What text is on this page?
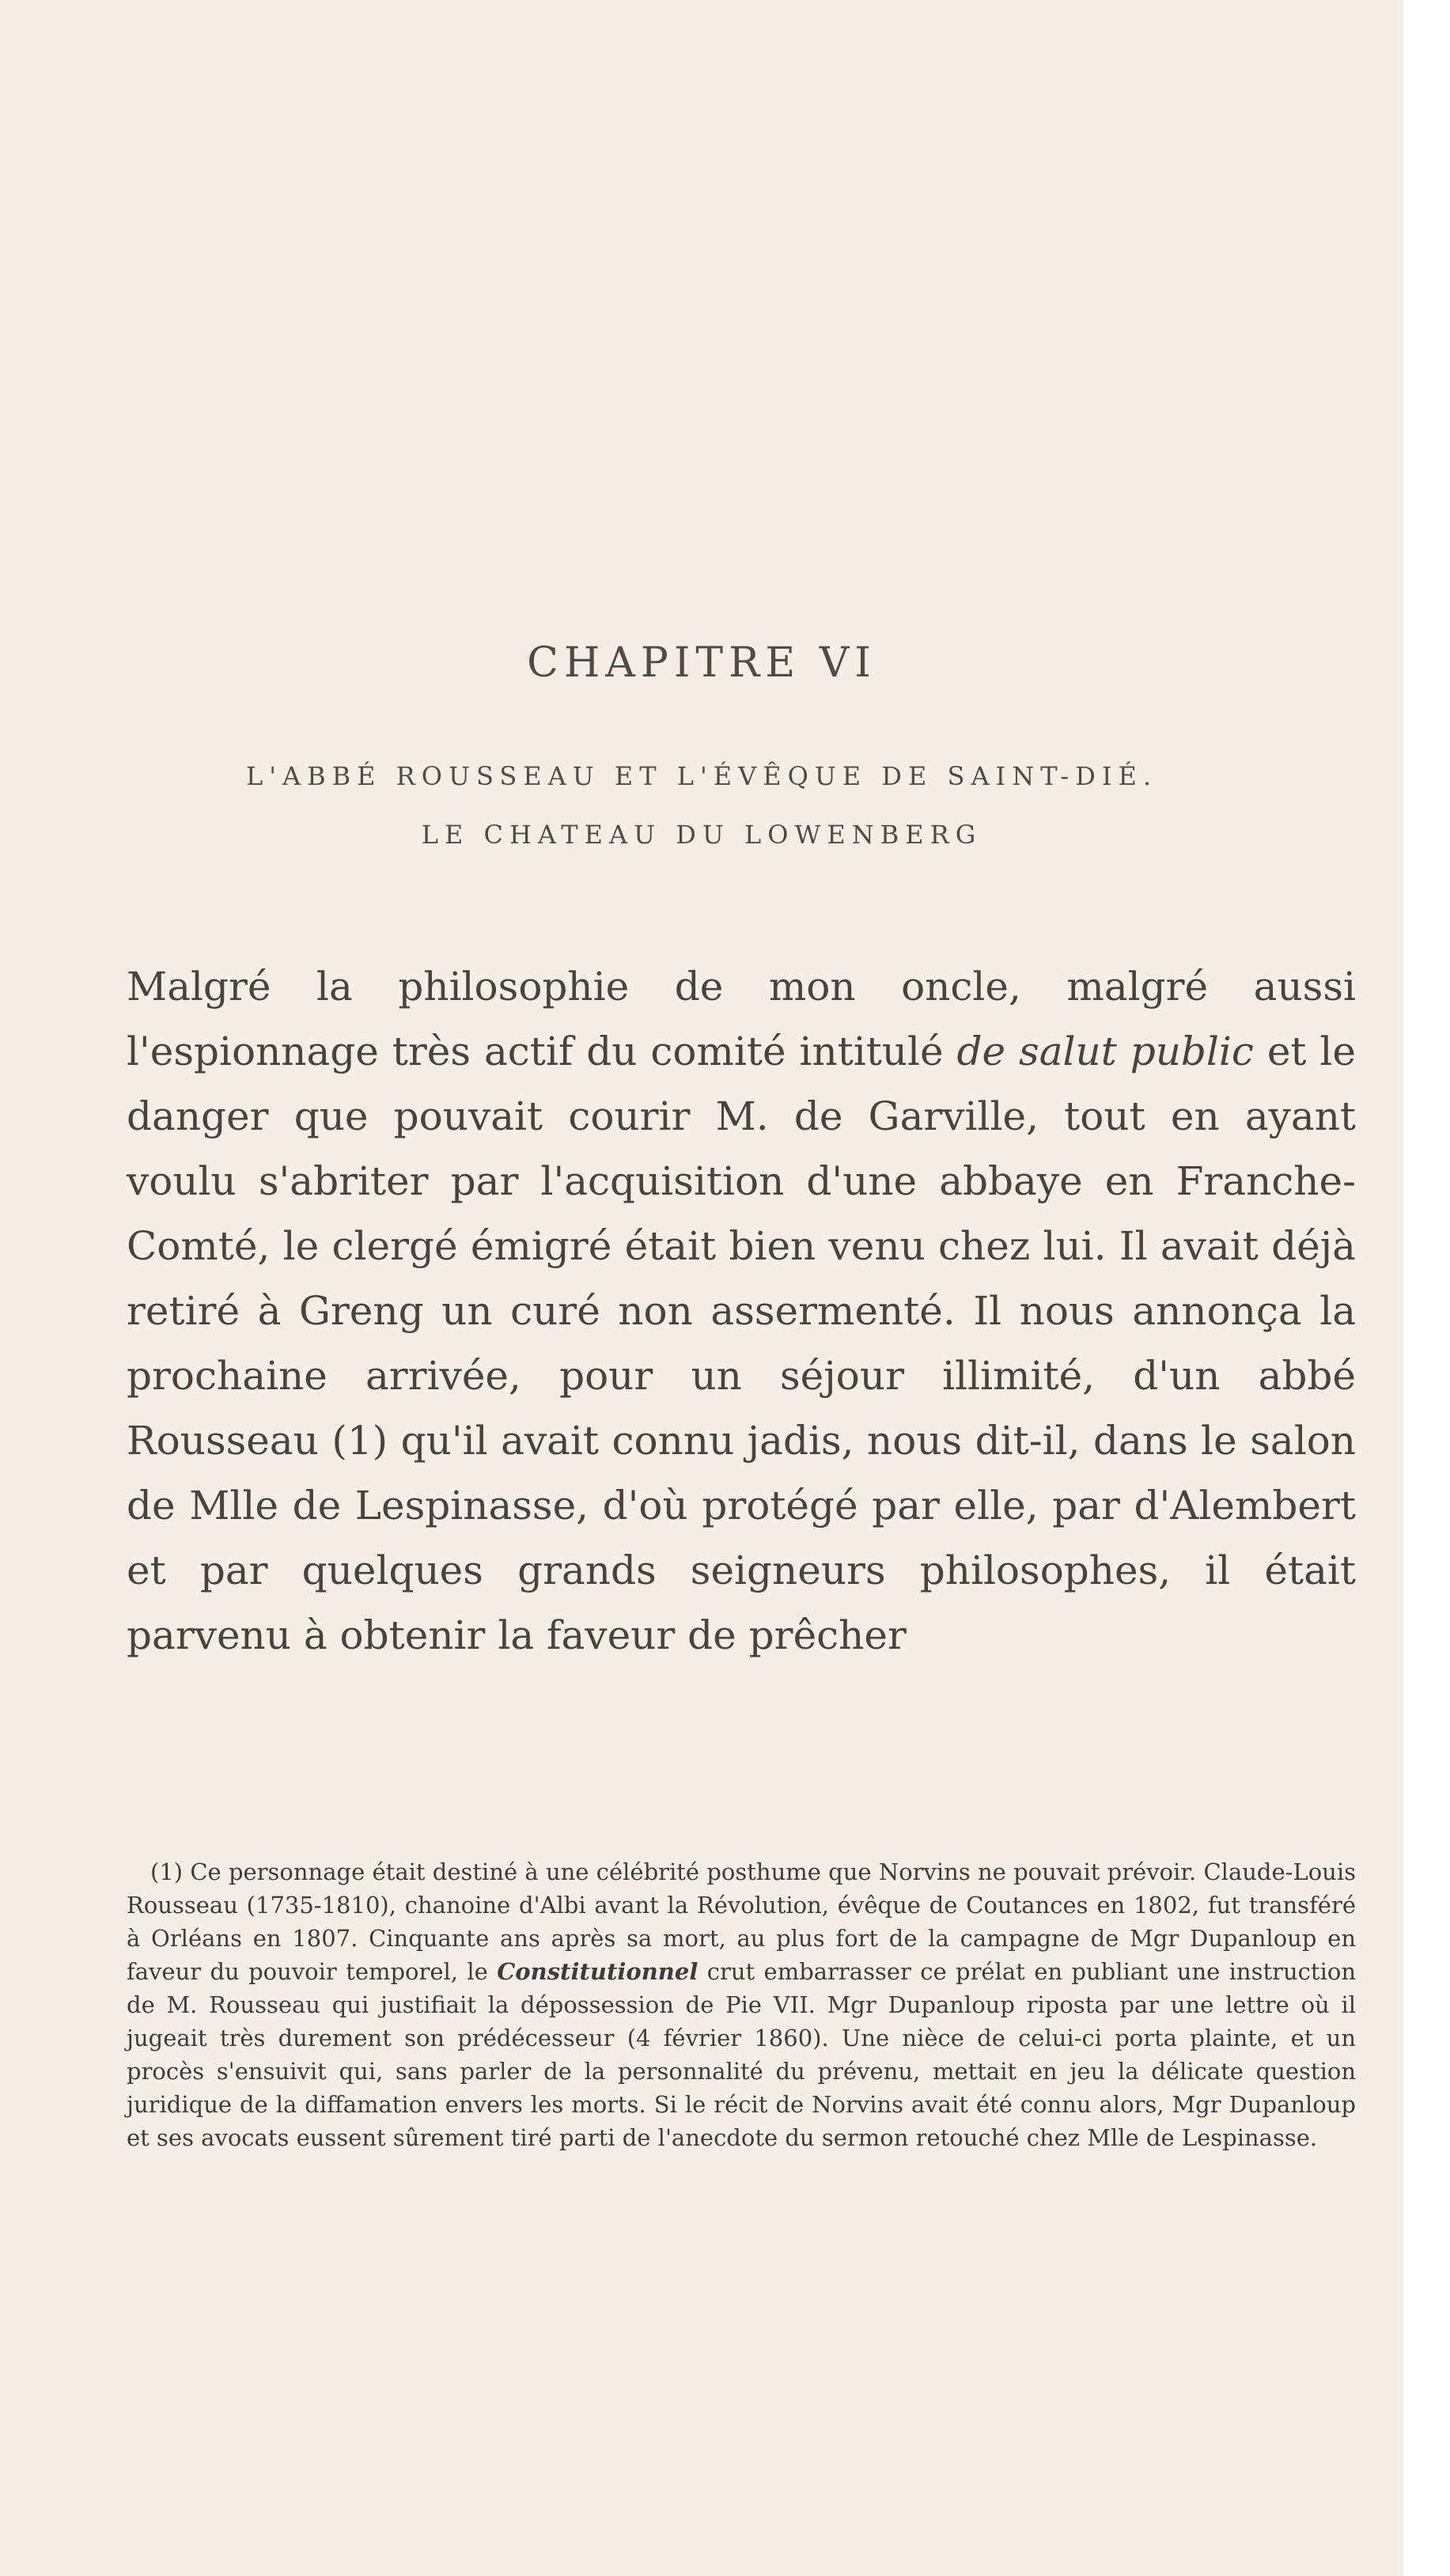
CHAPITRE VI

L'ABBÉ ROUSSEAU ET L'ÉVÊQUE DE SAINT-DIÉ.

LE CHATEAU DU LOWENBERG

Malgré la philosophie de mon oncle, malgré aussi l'espionnage très actif du comité intitulé de salut public et le danger que pouvait courir M. de Garville, tout en ayant voulu s'abriter par l'acquisition d'une abbaye en Franche-Comté, le clergé émigré était bien venu chez lui. Il avait déjà retiré à Greng un curé non assermenté. Il nous annonça la prochaine arrivée, pour un séjour illimité, d'un abbé Rousseau (1) qu'il avait connu jadis, nous dit-il, dans le salon de Mlle de Lespinasse, d'où protégé par elle, par d'Alembert et par quelques grands seigneurs philosophes, il était parvenu à obtenir la faveur de prêcher

(1) Ce personnage était destiné à une célébrité posthume que Norvins ne pouvait prévoir. Claude-Louis Rousseau (1735-1810), chanoine d'Albi avant la Révolution, évêque de Coutances en 1802, fut transféré à Orléans en 1807. Cinquante ans après sa mort, au plus fort de la campagne de Mgr Dupanloup en faveur du pouvoir temporel, le Constitutionnel crut embarrasser ce prélat en publiant une instruction de M. Rousseau qui justifiait la dépossession de Pie VII. Mgr Dupanloup riposta par une lettre où il jugeait très durement son prédécesseur (4 février 1860). Une nièce de celui-ci porta plainte, et un procès s'ensuivit qui, sans parler de la personnalité du prévenu, mettait en jeu la délicate question juridique de la diffamation envers les morts. Si le récit de Norvins avait été connu alors, Mgr Dupanloup et ses avocats eussent sûrement tiré parti de l'anecdote du sermon retouché chez Mlle de Lespinasse.
